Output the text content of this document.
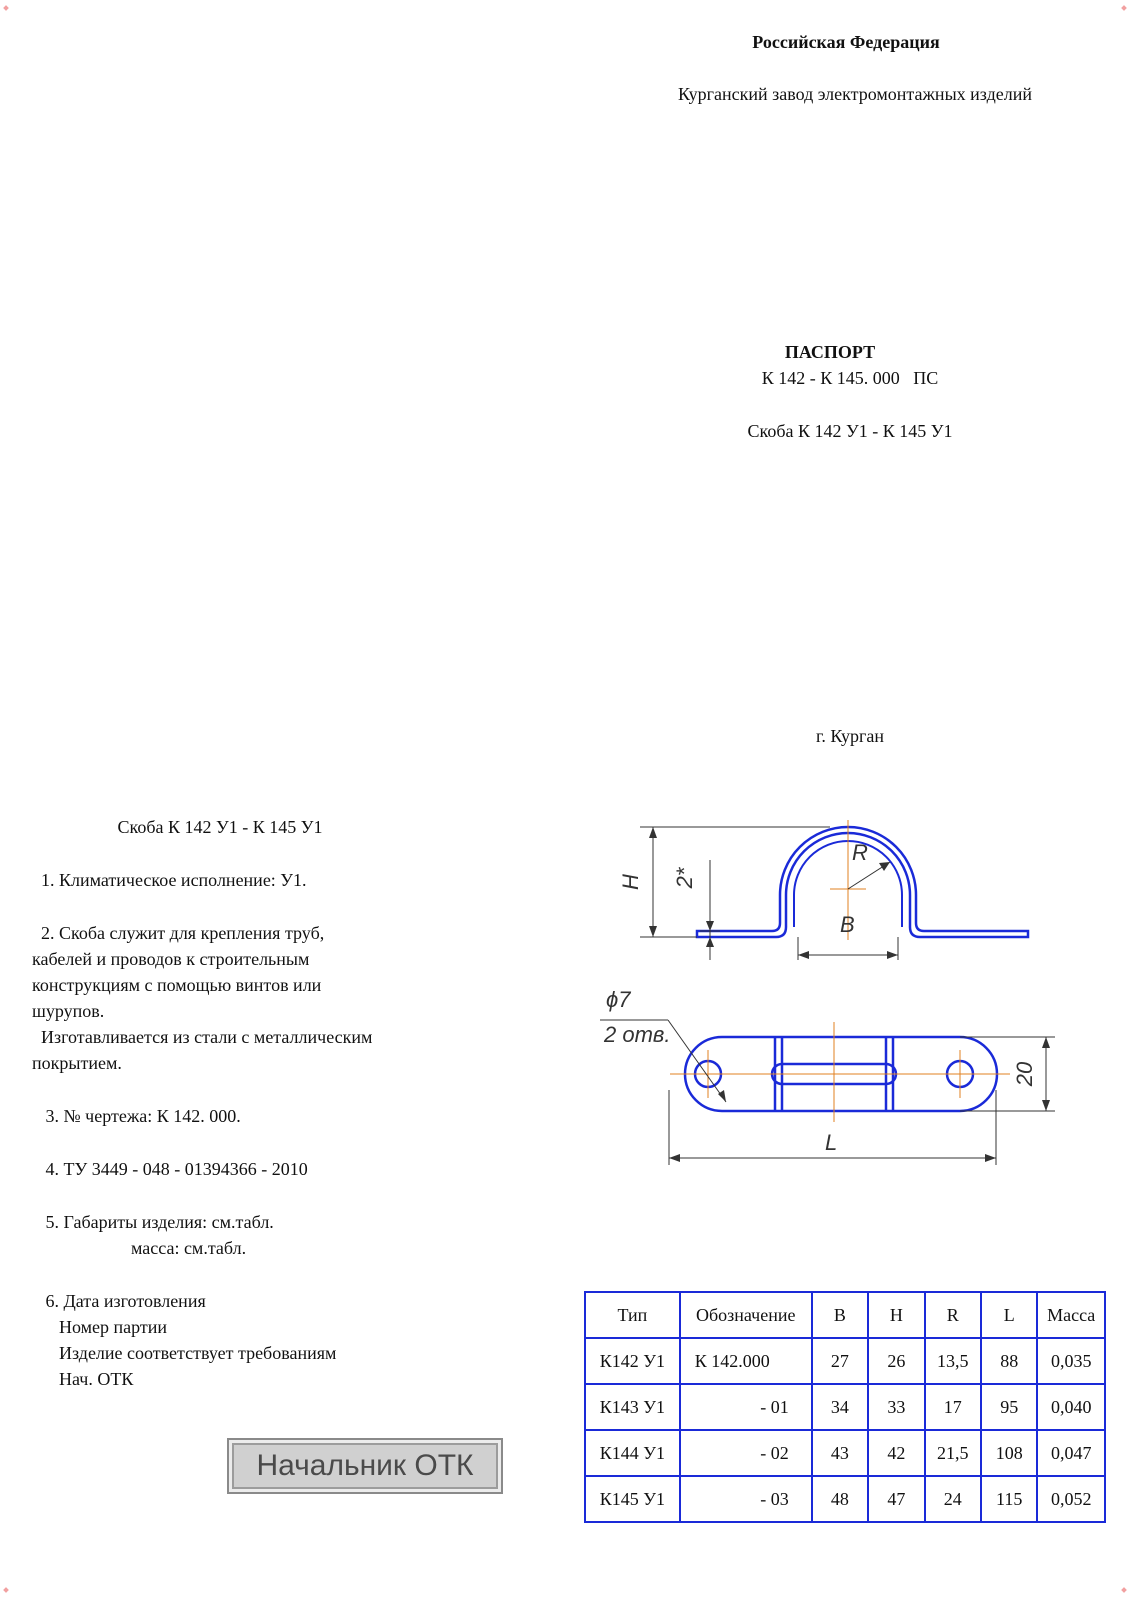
Российская Федерация
Курганский завод электромонтажных изделий
ПАСПОРТ
К 142 - К 145. 000   ПС
Скоба К 142 У1 - К 145 У1
г. Курган
Скоба К 142 У1 - К 145 У1
1. Климатическое исполнение: У1.
2. Скоба служит для крепления труб,
кабелей и проводов к строительным
конструкциям с помощью винтов или
шурупов.
Изготавливается из стали с металлическим
покрытием.
3. № чертежа: К 142. 000.
4. ТУ 3449 - 048 - 01394366 - 2010
5. Габариты изделия: см.табл.
масса: см.табл.
6. Дата изготовления
Номер партии
Изделие соответствует требованиям
Нач. ОТК
Начальник ОТК
H 2*
R
B
ϕ7
2 отв.
20
L
Тип	Обозначение	B	H	R	L	Масса
К142 У1	К 142.000	27	26	13,5	88	0,035
К143 У1	- 01	34	33	17	95	0,040
К144 У1	- 02	43	42	21,5	108	0,047
К145 У1	- 03	48	47	24	115	0,052
